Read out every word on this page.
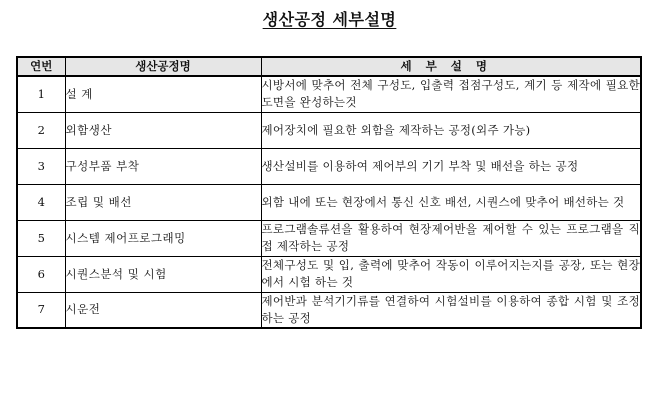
생산공정 세부설명
연번	생산공정명	세부설명
1	설 계	시방서에 맞추어 전체 구성도, 입출력 접점구성도, 계기 등 제작에 필요한 도면을 완성하는것
2	외함생산	제어장치에 필요한 외함을 제작하는 공정(외주 가능)
3	구성부품 부착	생산설비를 이용하여 제어부의 기기 부착 및 배선을 하는 공정
4	조립 및 배선	외함 내에 또는 현장에서 통신 신호 배선, 시퀀스에 맞추어 배선하는 것
5	시스템 제어프로그래밍	프로그램솔류션을 활용하여 현장제어반을 제어할 수 있는 프로그램을 직접 제작하는 공정
6	시퀀스분석 및 시험	전체구성도 및 입, 출력에 맞추어 작동이 이루어지는지를 공장, 또는 현장에서 시험 하는 것
7	시운전	제어반과 분석기기류를 연결하여 시험설비를 이용하여 종합 시험 및 조정하는 공정
